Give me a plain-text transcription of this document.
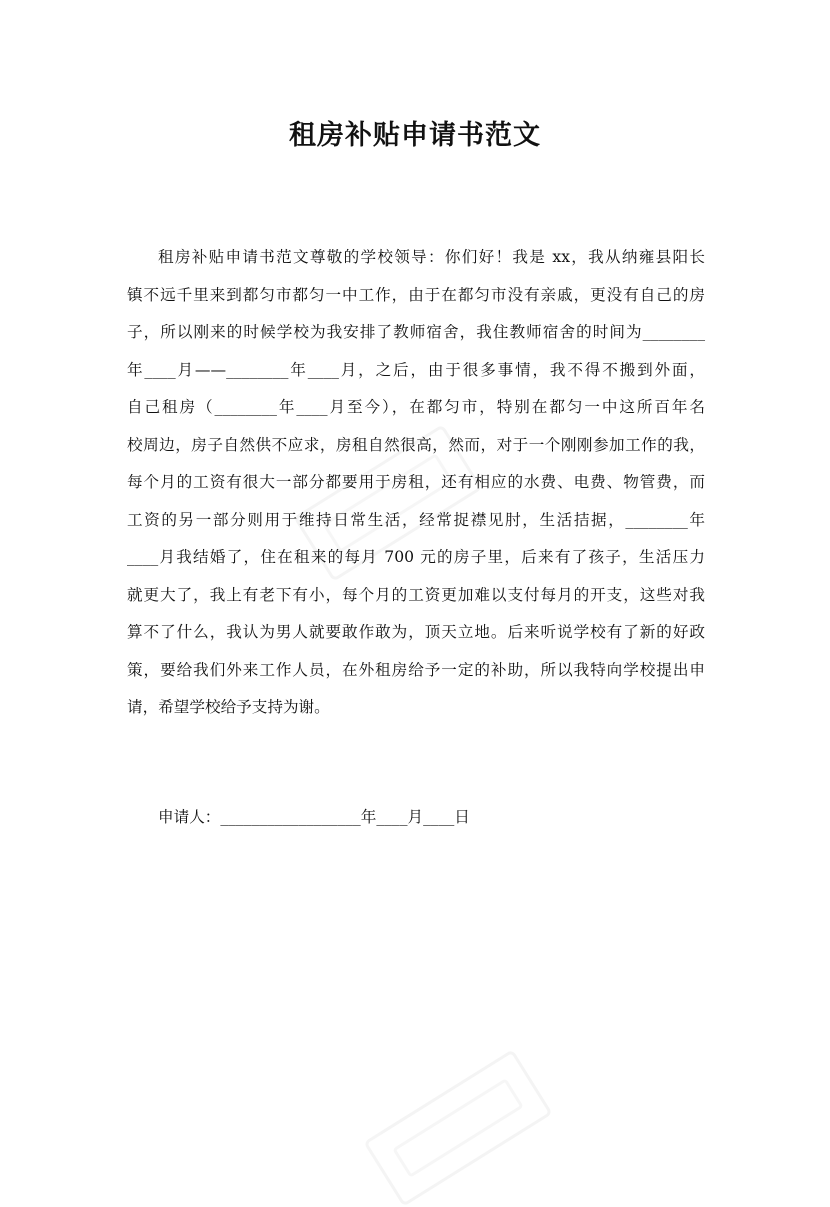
租房补贴申请书范文

租房补贴申请书范文尊敬的学校领导：你们好！我是 xx，我从纳雍县阳长
镇不远千里来到都匀市都匀一中工作，由于在都匀市没有亲戚，更没有自己的房
子，所以刚来的时候学校为我安排了教师宿舍，我住教师宿舍的时间为________
年____月——________年____月，之后，由于很多事情，我不得不搬到外面，
自己租房（________年____月至今），在都匀市，特别在都匀一中这所百年名
校周边，房子自然供不应求，房租自然很高，然而，对于一个刚刚参加工作的我，
每个月的工资有很大一部分都要用于房租，还有相应的水费、电费、物管费，而
工资的另一部分则用于维持日常生活，经常捉襟见肘，生活拮据，________年
____月我结婚了，住在租来的每月 700 元的房子里，后来有了孩子，生活压力
就更大了，我上有老下有小，每个月的工资更加难以支付每月的开支，这些对我
算不了什么，我认为男人就要敢作敢为，顶天立地。后来听说学校有了新的好政
策，要给我们外来工作人员，在外租房给予一定的补助，所以我特向学校提出申
请，希望学校给予支持为谢。

申请人：__________________年____月____日
